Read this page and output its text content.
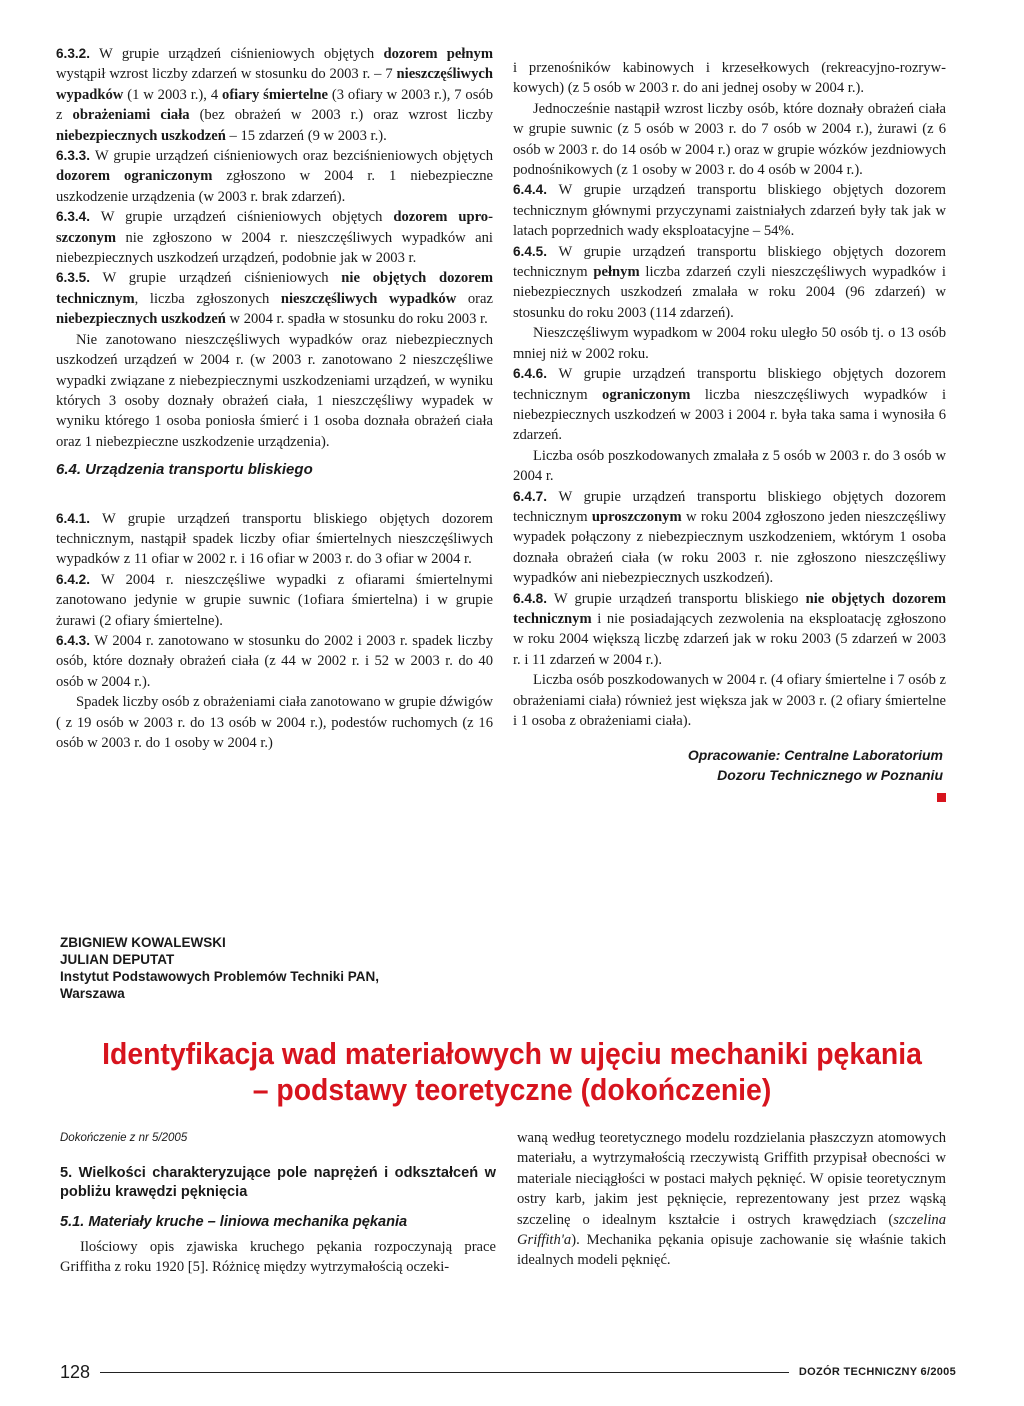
6.3.2. W grupie urządzeń ciśnieniowych objętych dozorem pełnym wystąpił wzrost liczby zdarzeń w stosunku do 2003 r. – 7 nieszczęśliwych wypadków (1 w 2003 r.), 4 ofiary śmiertelne (3 ofiary w 2003 r.), 7 osób z obrażeniami ciała (bez obrażeń w 2003 r.) oraz wzrost liczby niebezpiecznych uszkodzeń – 15 zdarzeń (9 w 2003 r.).

6.3.3. W grupie urządzeń ciśnieniowych oraz bezciśnieniowych objętych dozorem ograniczonym zgłoszono w 2004 r. 1 niebezpieczne uszkodzenie urządzenia (w 2003 r. brak zdarzeń).

6.3.4. W grupie urządzeń ciśnieniowych objętych dozorem uproszczonym nie zgłoszono w 2004 r. nieszczęśliwych wypadków ani niebezpiecznych uszkodzeń urządzeń, podobnie jak w 2003 r.

6.3.5. W grupie urządzeń ciśnieniowych nie objętych dozorem technicznym, liczba zgłoszonych nieszczęśliwych wypadków oraz niebezpiecznych uszkodzeń w 2004 r. spadła w stosunku do roku 2003 r.

Nie zanotowano nieszczęśliwych wypadków oraz niebezpiecznych uszkodzeń urządzeń w 2004 r. (w 2003 r. zanotowano 2 nieszczęśliwe wypadki związane z niebezpiecznymi uszkodzeniami urządzeń, w wyniku których 3 osoby doznały obrażeń ciała, 1 nieszczęśliwy wypadek w wyniku którego 1 osoba poniosła śmierć i 1 osoba doznała obrażeń ciała oraz 1 niebezpieczne uszkodzenie urządzenia).

6.4. Urządzenia transportu bliskiego

6.4.1. W grupie urządzeń transportu bliskiego objętych dozorem technicznym, nastąpił spadek liczby ofiar śmiertelnych nieszczęśliwych wypadków z 11 ofiar w 2002 r. i 16 ofiar w 2003 r. do 3 ofiar w 2004 r.

6.4.2. W 2004 r. nieszczęśliwe wypadki z ofiarami śmiertelnymi zanotowano jedynie w grupie suwnic (1ofiara śmiertelna) i w grupie żurawi (2 ofiary śmiertelne).

6.4.3. W 2004 r. zanotowano w stosunku do 2002 i 2003 r. spadek liczby osób, które doznały obrażeń ciała (z 44 w 2002 r. i 52 w 2003 r. do 40 osób w 2004 r.).

Spadek liczby osób z obrażeniami ciała zanotowano w grupie dźwigów ( z 19 osób w 2003 r. do 13 osób w 2004 r.), podestów ruchomych (z 16 osób w 2003 r. do 1 osoby w 2004 r.)

i przenośników kabinowych i krzesełkowych (rekreacyjno-rozrywkowych) (z 5 osób w 2003 r. do ani jednej osoby w 2004 r.).

Jednocześnie nastąpił wzrost liczby osób, które doznały obrażeń ciała w grupie suwnic (z 5 osób w 2003 r. do 7 osób w 2004 r.), żurawi (z 6 osób w 2003 r. do 14 osób w 2004 r.) oraz w grupie wózków jezdniowych podnośnikowych (z 1 osoby w 2003 r. do 4 osób w 2004 r.).

6.4.4. W grupie urządzeń transportu bliskiego objętych dozorem technicznym głównymi przyczynami zaistniałych zdarzeń były tak jak w latach poprzednich wady eksploatacyjne – 54%.

6.4.5. W grupie urządzeń transportu bliskiego objętych dozorem technicznym pełnym liczba zdarzeń czyli nieszczęśliwych wypadków i niebezpiecznych uszkodzeń zmalała w roku 2004 (96 zdarzeń) w stosunku do roku 2003 (114 zdarzeń).

Nieszczęśliwym wypadkom w 2004 roku uległo 50 osób tj. o 13 osób mniej niż w 2002 roku.

6.4.6. W grupie urządzeń transportu bliskiego objętych dozorem technicznym ograniczonym liczba nieszczęśliwych wypadków i niebezpiecznych uszkodzeń w 2003 i 2004 r. była taka sama i wynosiła 6 zdarzeń.

Liczba osób poszkodowanych zmalała z 5 osób w 2003 r. do 3 osób w 2004 r.

6.4.7. W grupie urządzeń transportu bliskiego objętych dozorem technicznym uproszczonym w roku 2004 zgłoszono jeden nieszczęśliwy wypadek połączony z niebezpiecznym uszkodzeniem, wktórym 1 osoba doznała obrażeń ciała (w roku 2003 r. nie zgłoszono nieszczęśliwy wypadków ani niebezpiecznych uszkodzeń).

6.4.8. W grupie urządzeń transportu bliskiego nie objętych dozorem technicznym i nie posiadających zezwolenia na eksploatację zgłoszono w roku 2004 większą liczbę zdarzeń jak w roku 2003 (5 zdarzeń w 2003 r. i 11 zdarzeń w 2004 r.).

Liczba osób poszkodowanych w 2004 r. (4 ofiary śmiertelne i 7 osób z obrażeniami ciała) również jest większa jak w 2003 r. (2 ofiary śmiertelne i 1 osoba z obrażeniami ciała).

Opracowanie: Centralne Laboratorium
Dozoru Technicznego w Poznaniu
ZBIGNIEW KOWALEWSKI
JULIAN DEPUTAT
Instytut Podstawowych Problemów Techniki PAN,
Warszawa
Identyfikacja wad materiałowych w ujęciu mechaniki pękania
– podstawy teoretyczne (dokończenie)
Dokończenie z nr 5/2005

5. Wielkości charakteryzujące pole naprężeń i odkształceń w pobliżu krawędzi pęknięcia

5.1. Materiały kruche – liniowa mechanika pękania

Ilościowy opis zjawiska kruchego pękania rozpoczynają prace Griffitha z roku 1920 [5]. Różnicę między wytrzymałością oczeki-

waną według teoretycznego modelu rozdzielania płaszczyzn atomowych materiału, a wytrzymałością rzeczywistą Griffith przypisał obecności w materiale nieciągłości w postaci małych pęknięć. W opisie teoretycznym ostry karb, jakim jest pęknięcie, reprezentowany jest przez wąską szczelinę o idealnym kształcie i ostrych krawędziach (szczelina Griffith'a). Mechanika pękania opisuje zachowanie się właśnie takich idealnych modeli pęknięć.

128	DOZÓR TECHNICZNY 6/2005
